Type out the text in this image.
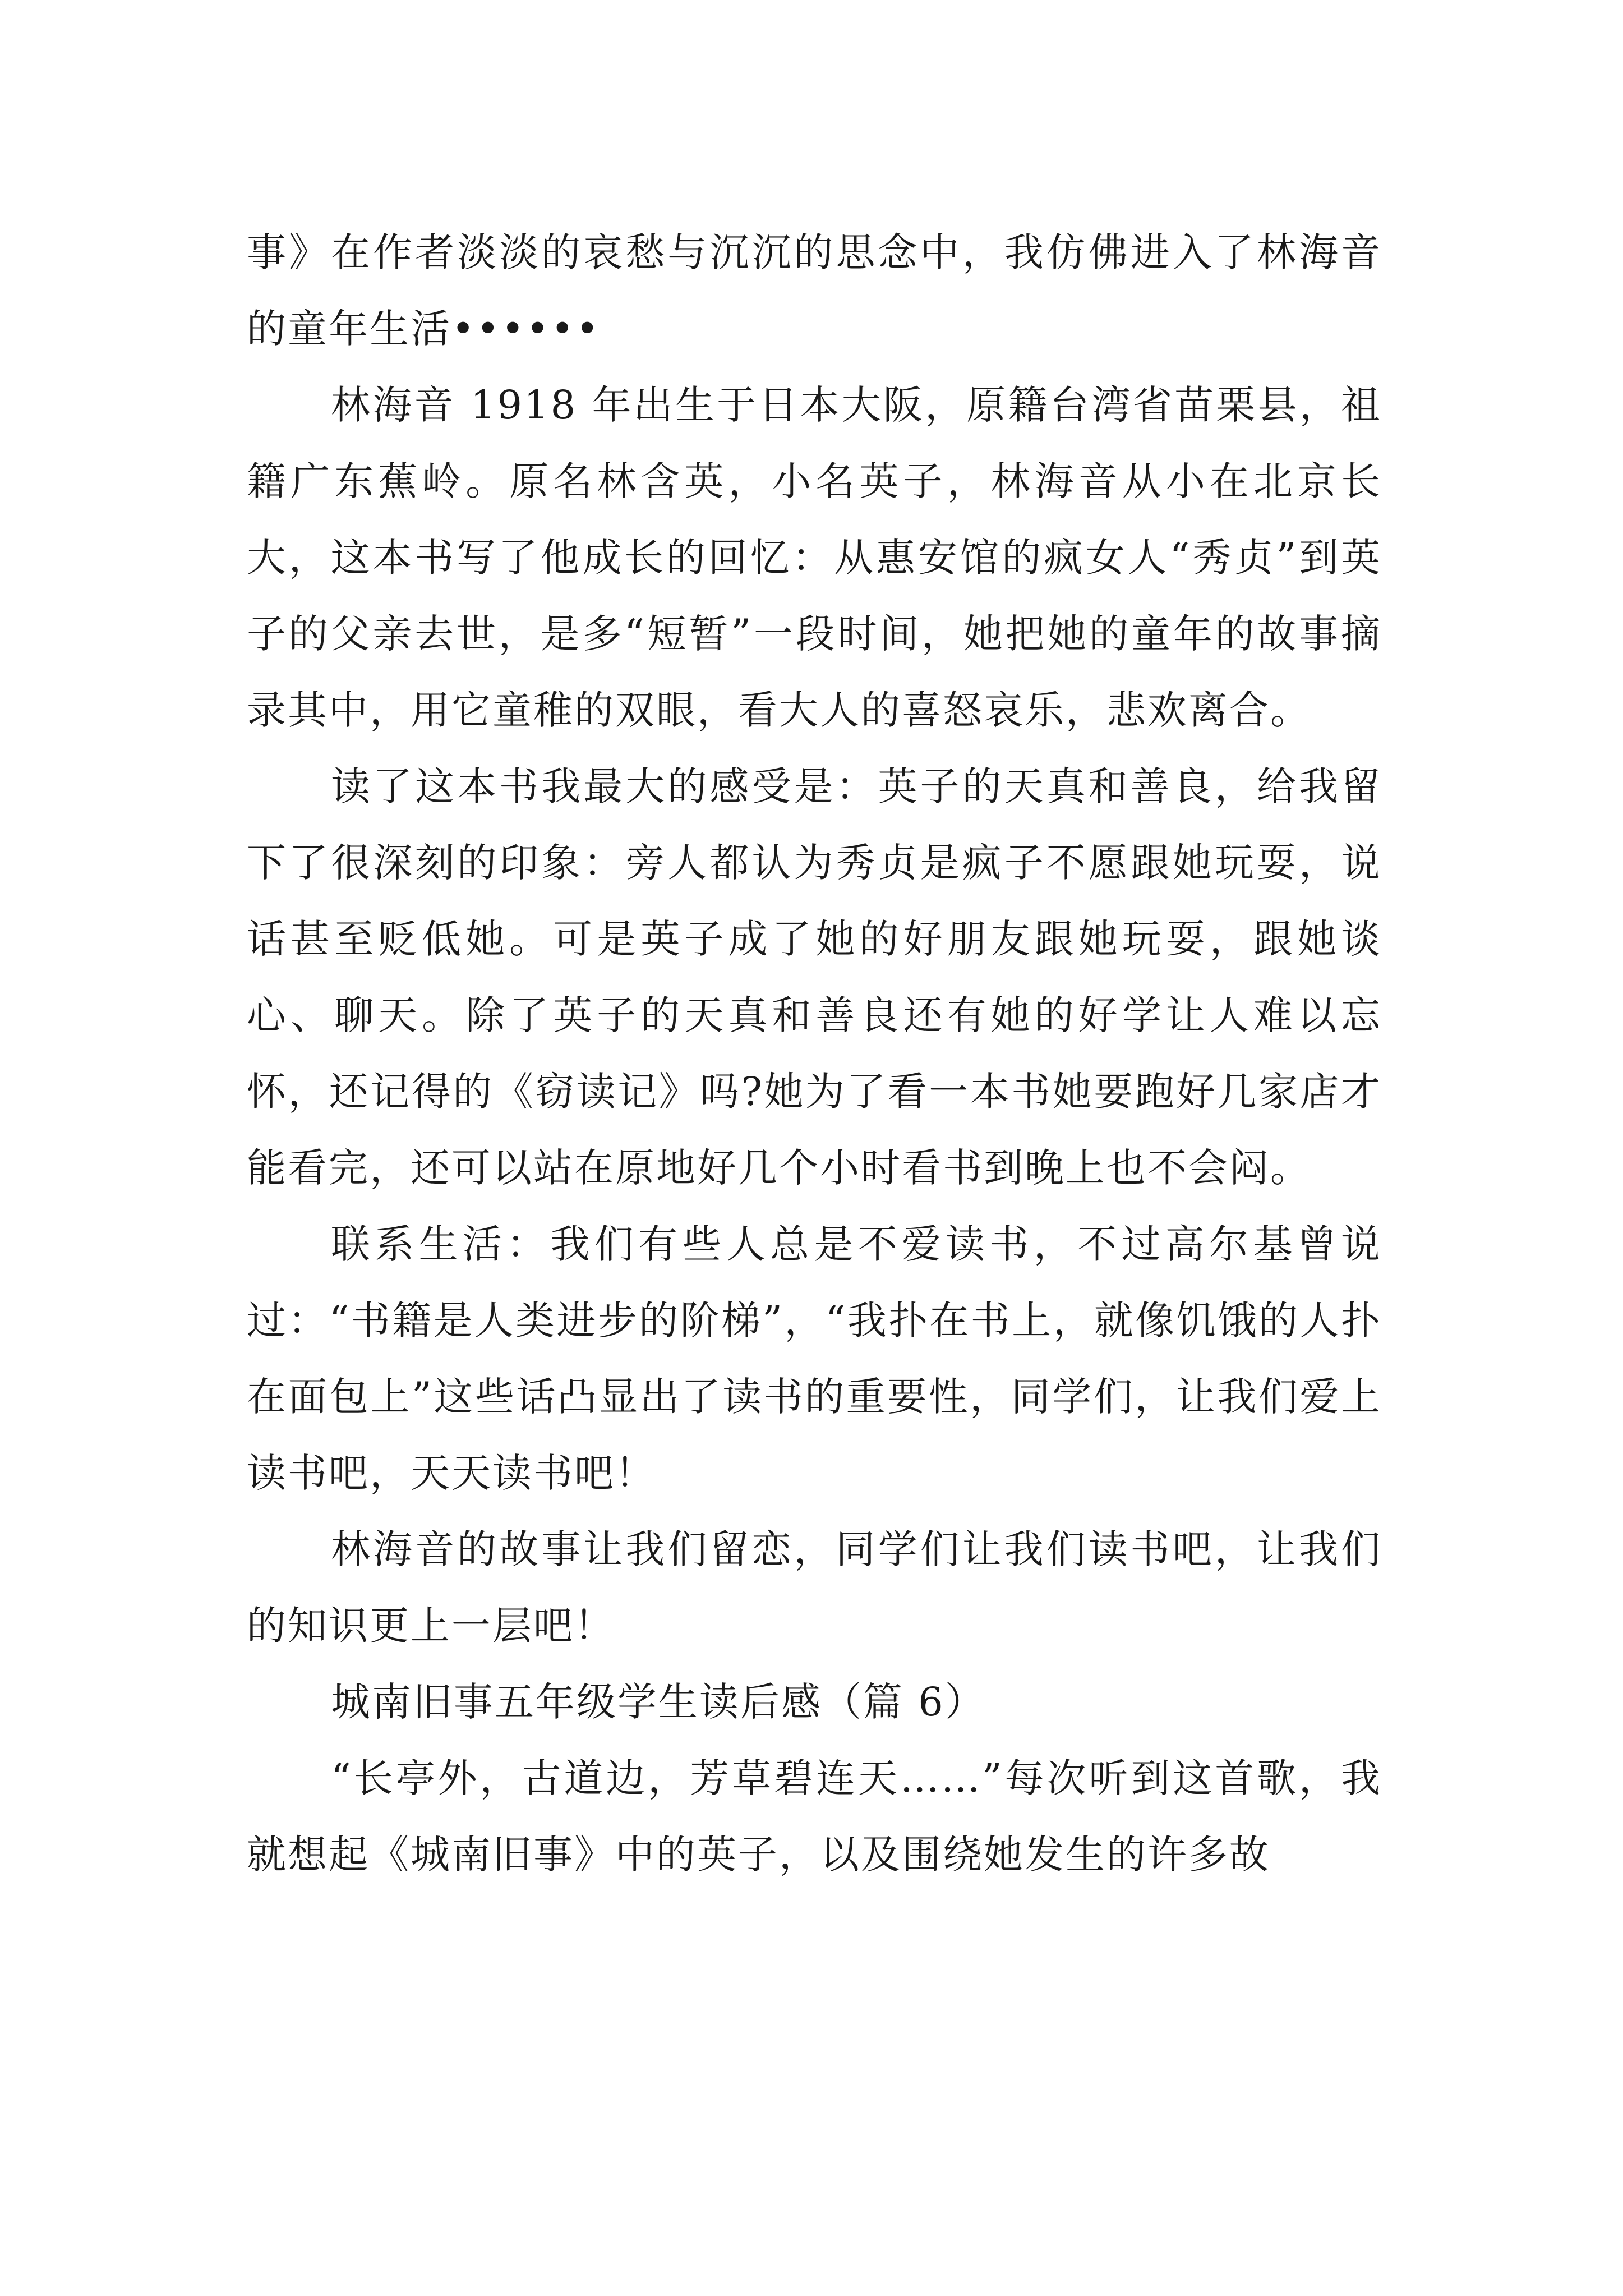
事》在作者淡淡的哀愁与沉沉的思念中，我仿佛进入了林海音的童年生活••••••

林海音 1918 年出生于日本大阪，原籍台湾省苗栗县，祖籍广东蕉岭。原名林含英，小名英子，林海音从小在北京长大，这本书写了他成长的回忆：从惠安馆的疯女人“秀贞”到英子的父亲去世，是多“短暂”一段时间，她把她的童年的故事摘录其中，用它童稚的双眼，看大人的喜怒哀乐，悲欢离合。

读了这本书我最大的感受是：英子的天真和善良，给我留下了很深刻的印象：旁人都认为秀贞是疯子不愿跟她玩耍，说话甚至贬低她。可是英子成了她的好朋友跟她玩耍，跟她谈心、聊天。除了英子的天真和善良还有她的好学让人难以忘怀，还记得的《窃读记》吗?她为了看一本书她要跑好几家店才能看完，还可以站在原地好几个小时看书到晚上也不会闷。

联系生活：我们有些人总是不爱读书，不过高尔基曾说过：“书籍是人类进步的阶梯”，“我扑在书上，就像饥饿的人扑在面包上”这些话凸显出了读书的重要性，同学们，让我们爱上读书吧，天天读书吧！

林海音的故事让我们留恋，同学们让我们读书吧，让我们的知识更上一层吧！

城南旧事五年级学生读后感（篇 6）

“长亭外，古道边，芳草碧连天……”每次听到这首歌，我就想起《城南旧事》中的英子，以及围绕她发生的许多故
